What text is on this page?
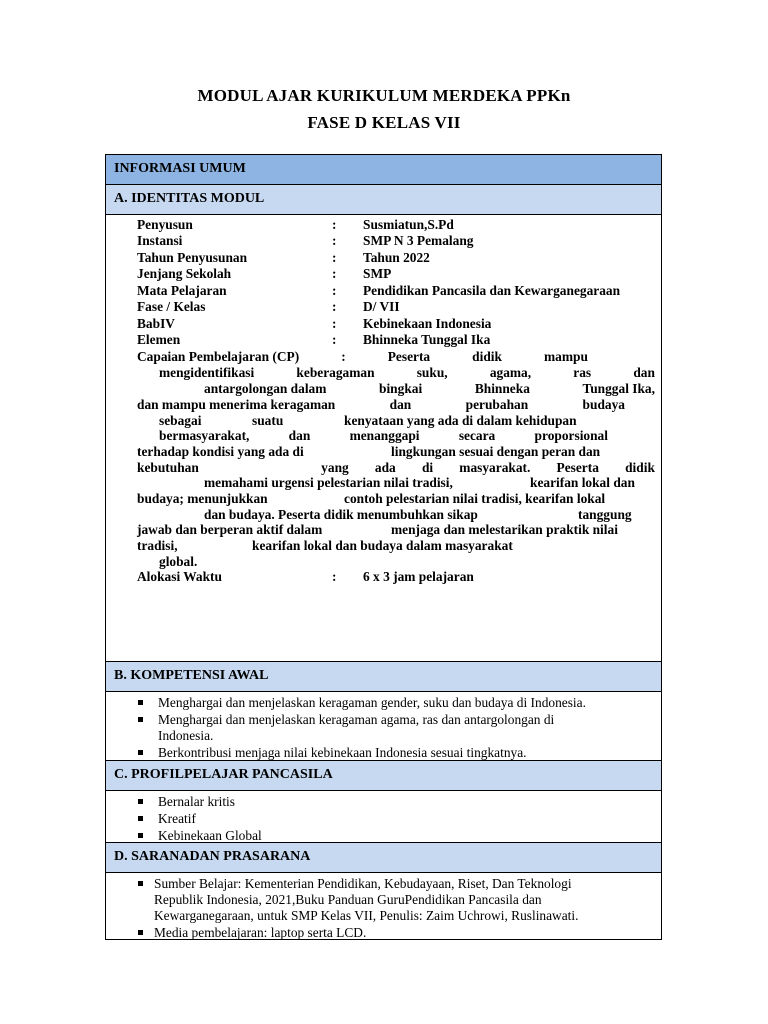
MODUL AJAR KURIKULUM MERDEKA PPKn
FASE D KELAS VII
INFORMASI UMUM
A. IDENTITAS MODUL
Penyusun	: Susmiatun,S.Pd
Instansi	: SMP N 3 Pemalang
Tahun Penyusunan	: Tahun 2022
Jenjang Sekolah	: SMP
Mata Pelajaran	: Pendidikan Pancasila dan Kewarganegaraan
Fase / Kelas	: D/ VII
BabIV	: Kebinekaan Indonesia
Elemen	: Bhinneka Tunggal Ika
Capaian Pembelajaran (CP)	:	Peserta	didik	mampu
mengidentifikasi	keberagaman	suku,	agama,	ras	dan
antargolongan dalam	bingkai	Bhinneka	Tunggal Ika,
dan mampu menerima keragaman	dan	perubahan	budaya
sebagai	suatu	kenyataan yang ada di dalam kehidupan
bermasyarakat,	dan	menanggapi	secara	proporsional
terhadap kondisi yang ada di	lingkungan sesuai dengan peran dan
kebutuhan	yang ada di masyarakat. Peserta didik
memahami urgensi pelestarian nilai tradisi,	kearifan lokal dan
budaya; menunjukkan	contoh pelestarian nilai tradisi, kearifan lokal
dan budaya. Peserta didik menumbuhkan sikap	tanggung
jawab dan berperan aktif dalam	menjaga dan melestarikan praktik nilai
tradisi,	kearifan lokal dan budaya dalam masyarakat
global.
Alokasi Waktu	: 6 x 3 jam pelajaran
B. KOMPETENSI AWAL
Menghargai dan menjelaskan keragaman gender, suku dan budaya di Indonesia.
Menghargai dan menjelaskan keragaman agama, ras dan antargolongan di Indonesia.
Berkontribusi menjaga nilai kebinekaan Indonesia sesuai tingkatnya.
C. PROFILPELAJAR PANCASILA
Bernalar kritis
Kreatif
Kebinekaan Global
D. SARANADAN PRASARANA
Sumber Belajar: Kementerian Pendidikan, Kebudayaan, Riset, Dan Teknologi Republik Indonesia, 2021,Buku Panduan GuruPendidikan Pancasila dan Kewarganegaraan, untuk SMP Kelas VII, Penulis: Zaim Uchrowi, Ruslinawati.
Media pembelajaran: laptop serta LCD.
